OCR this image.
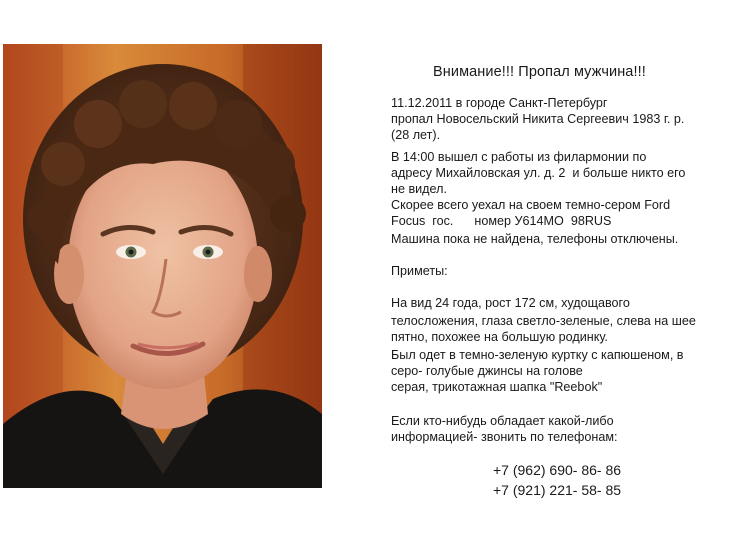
Внимание!!! Пропал мужчина!!!
11.12.2011 в городе Санкт-Петербург
пропал Новосельский Никита Сергеевич 1983 г. р.
(28 лет).
В 14:00 вышел с работы из филармонии по
адресу Михайловская ул. д. 2  и больше никто его
не видел.
Скорее всего уехал на своем темно-сером Ford
Focus  гос.      номер У614МО  98RUS
Машина пока не найдена, телефоны отключены.
Приметы:
На вид 24 года, рост 172 см, худощавого
телосложения, глаза светло-зеленые, слева на шее
пятно, похожее на большую родинку.
Был одет в темно-зеленую куртку с капюшеном, в
серо- голубые джинсы на голове
серая, трикотажная шапка "Reebok"
Если кто-нибудь обладает какой-либо
информацией- звонить по телефонам:
+7 (962) 690- 86- 86
+7 (921) 221- 58- 85
